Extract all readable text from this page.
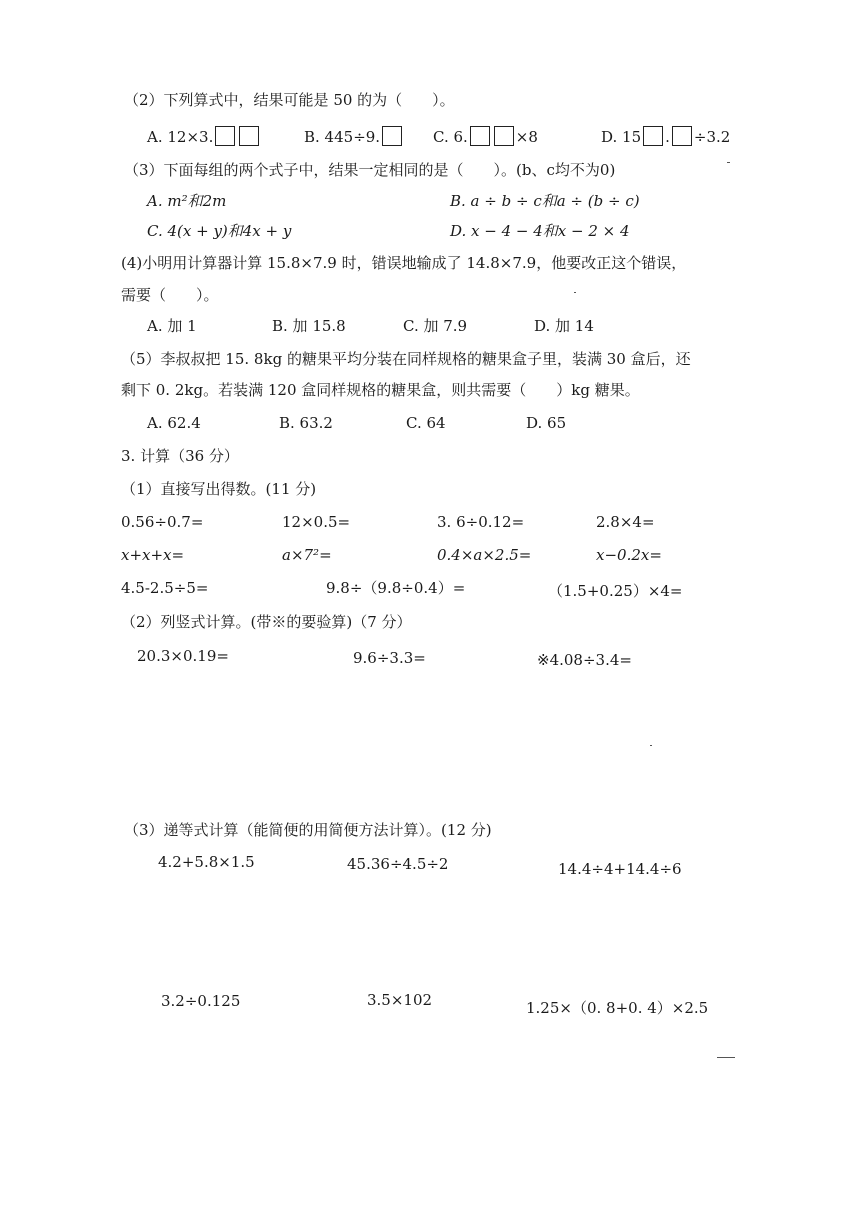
（2）下列算式中，结果可能是 50 的为（　　）。
A. 12×3.	B. 445÷9.	C. 6.	×8	D. 15 . ÷3.2
（3）下面每组的两个式子中，结果一定相同的是（　　）。(b、c均不为0)
A. m²和2m	B. a ÷ b ÷ c和a ÷ (b ÷ c)
C. 4(x + y)和4x + y	D. x − 4 − 4和x − 2 × 4
(4)小明用计算器计算 15.8×7.9 时，错误地输成了 14.8×7.9，他要改正这个错误，
需要（　　）。
A. 加 1	B. 加 15.8	C. 加 7.9	D. 加 14
（5）李叔叔把 15. 8kg 的糖果平均分装在同样规格的糖果盒子里，装满 30 盒后，还
剩下 0. 2kg。若装满 120 盒同样规格的糖果盒，则共需要（　　）kg 糖果。
A. 62.4	B. 63.2	C. 64	D. 65
3. 计算（36 分）
（1）直接写出得数。(11 分)
0.56÷0.7=	12×0.5=	3. 6÷0.12=	2.8×4=
x+x+x=	a×7²=	0.4×a×2.5=	x−0.2x=
4.5-2.5÷5=	9.8÷（9.8÷0.4）=	（1.5+0.25）×4=
（2）列竖式计算。(带※的要验算)（7 分）
20.3×0.19=	9.6÷3.3=	※4.08÷3.4=
（3）递等式计算（能简便的用简便方法计算）。(12 分)
4.2+5.8×1.5	45.36÷4.5÷2	14.4÷4+14.4÷6
3.2÷0.125	3.5×102	1.25×（0. 8+0. 4）×2.5
